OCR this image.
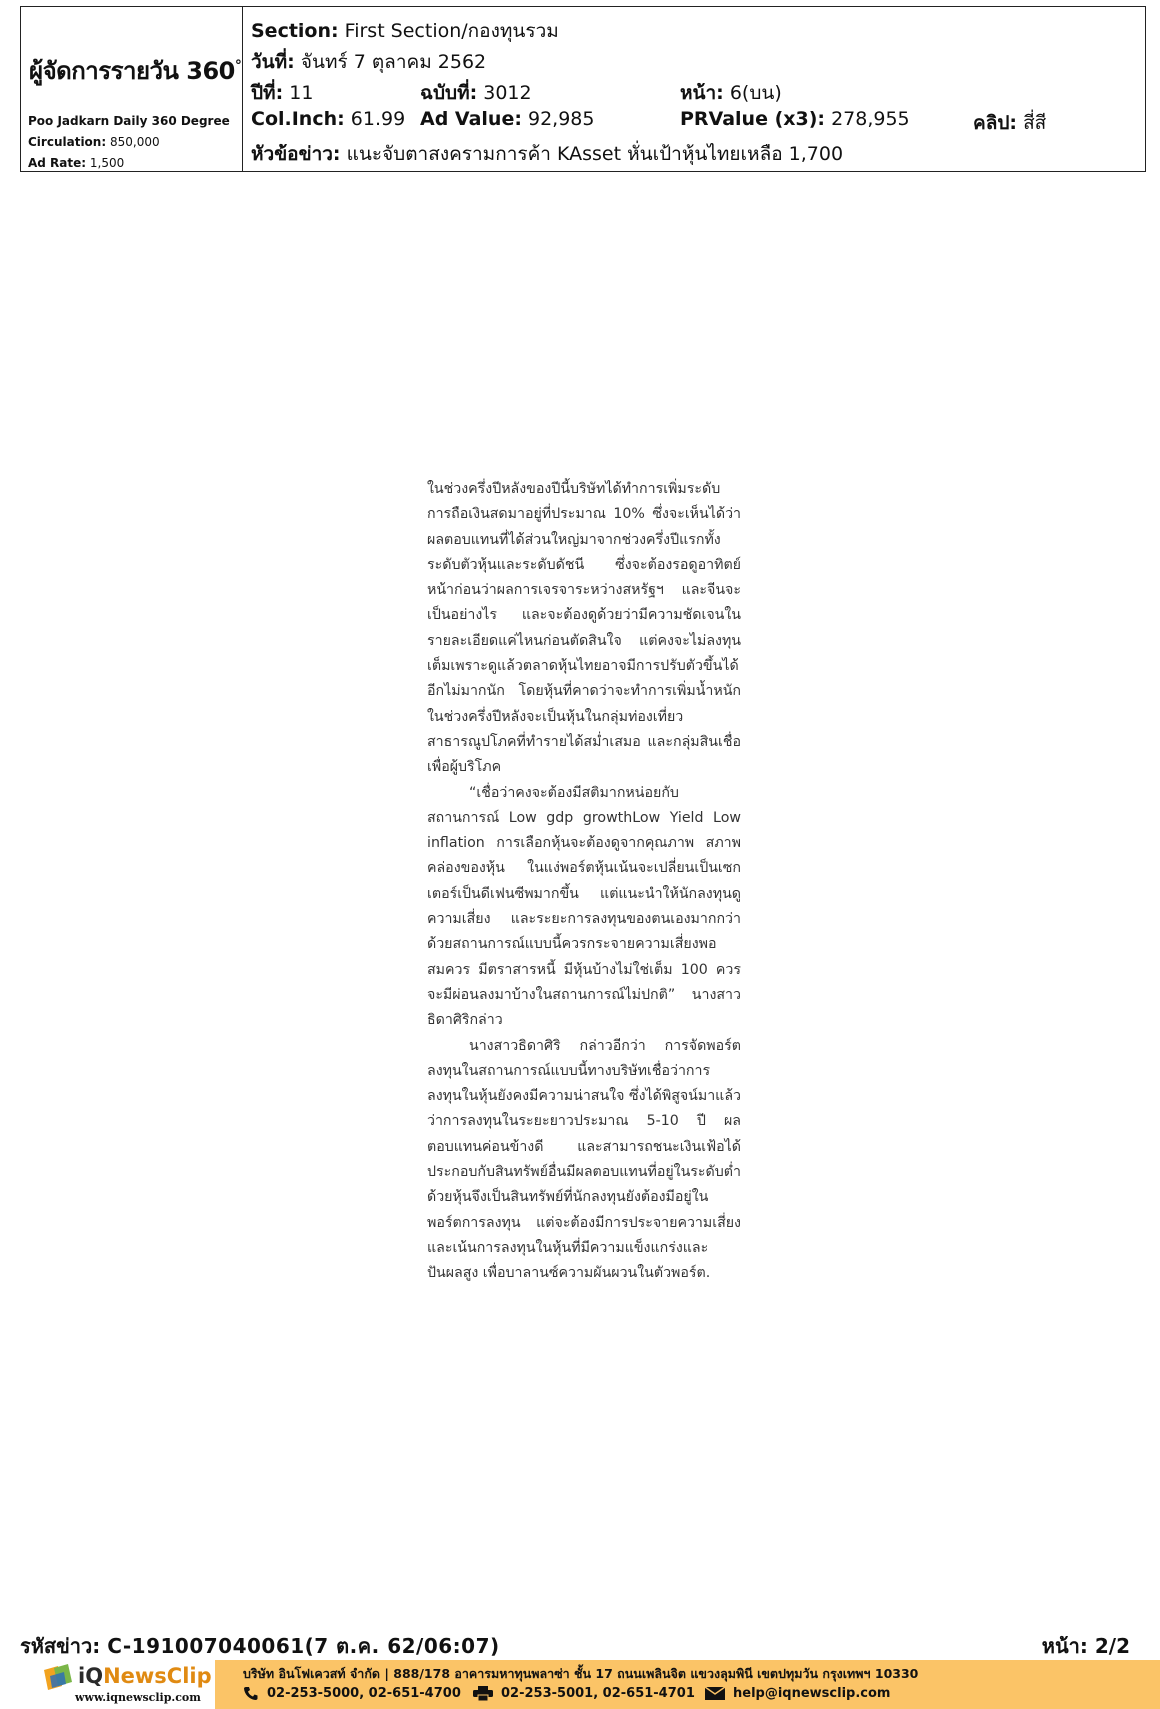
ผู้จัดการรายวัน 360°
Poo Jadkarn Daily 360 Degree
Circulation: 850,000
Ad Rate: 1,500
Section: First Section/กองทุนรวม
วันที่: จันทร์ 7 ตุลาคม 2562
ปีที่: 11	ฉบับที่: 3012	หน้า: 6(บน)
Col.Inch: 61.99 Ad Value: 92,985	PRValue (x3): 278,955	คลิป: สี่สี
หัวข้อข่าว: แนะจับตาสงครามการค้า KAsset หั่นเป้าหุ้นไทยเหลือ 1,700

ในช่วงครึ่งปีหลังของปีนี้บริษัทได้ทำการเพิ่มระดับการถือเงินสดมาอยู่ที่ประมาณ 10% ซึ่งจะเห็นได้ว่าผลตอบแทนที่ได้ส่วนใหญ่มาจากช่วงครึ่งปีแรกทั้งระดับตัวหุ้นและระดับดัชนี ซึ่งจะต้องรอดูอาทิตย์หน้าก่อนว่าผลการเจรจาระหว่างสหรัฐฯ และจีนจะเป็นอย่างไร และจะต้องดูด้วยว่ามีความชัดเจนในรายละเอียดแค่ไหนก่อนตัดสินใจ แต่คงจะไม่ลงทุนเต็มเพราะดูแล้วตลาดหุ้นไทยอาจมีการปรับตัวขึ้นได้อีกไม่มากนัก โดยหุ้นที่คาดว่าจะทำการเพิ่มน้ำหนักในช่วงครึ่งปีหลังจะเป็นหุ้นในกลุ่มท่องเที่ยว สาธารณูปโภคที่ทำรายได้สม่ำเสมอ และกลุ่มสินเชื่อเพื่อผู้บริโภค

“เชื่อว่าคงจะต้องมีสติมากหน่อยกับสถานการณ์ Low gdp growthLow Yield Low inflation การเลือกหุ้นจะต้องดูจากคุณภาพ สภาพคล่องของหุ้น ในแง่พอร์ตหุ้นเน้นจะเปลี่ยนเป็นเซกเตอร์เป็นดีเฟนซีพมากขึ้น แต่แนะนำให้นักลงทุนดูความเสี่ยง และระยะการลงทุนของตนเองมากกว่า ด้วยสถานการณ์แบบนี้ควรกระจายความเสี่ยงพอสมควร มีตราสารหนี้ มีหุ้นบ้างไม่ใช่เต็ม 100 ควรจะมีผ่อนลงมาบ้างในสถานการณ์ไม่ปกติ” นางสาวธิดาศิริกล่าว

นางสาวธิดาศิริ กล่าวอีกว่า การจัดพอร์ตลงทุนในสถานการณ์แบบนี้ทางบริษัทเชื่อว่าการลงทุนในหุ้นยังคงมีความน่าสนใจ ซึ่งได้พิสูจน์มาแล้วว่าการลงทุนในระยะยาวประมาณ 5-10 ปี ผลตอบแทนค่อนข้างดี และสามารถชนะเงินเฟ้อได้ประกอบกับสินทรัพย์อื่นมีผลตอบแทนที่อยู่ในระดับต่ำด้วยหุ้นจึงเป็นสินทรัพย์ที่นักลงทุนยังต้องมีอยู่ในพอร์ตการลงทุน แต่จะต้องมีการประจายความเสี่ยง และเน้นการลงทุนในหุ้นที่มีความแข็งแกร่งและปันผลสูง เพื่อบาลานซ์ความผันผวนในตัวพอร์ต.

รหัสข่าว: C-191007040061(7 ต.ค. 62/06:07)	หน้า: 2/2
iQNewsClip
www.iqnewsclip.com
บริษัท อินโฟเควสท์ จำกัด | 888/178 อาคารมหาทุนพลาซ่า ชั้น 17 ถนนเพลินจิต แขวงลุมพินี เขตปทุมวัน กรุงเทพฯ 10330
02-253-5000, 02-651-4700	02-253-5001, 02-651-4701	help@iqnewsclip.com
